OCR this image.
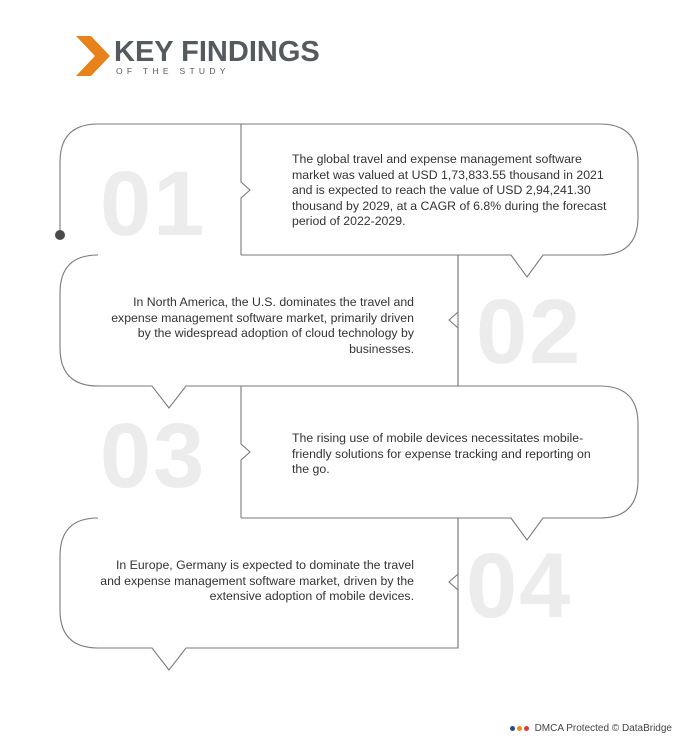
KEY FINDINGS
OF THE STUDY
01	The global travel and expense management software market was valued at USD 1,73,833.55 thousand in 2021 and is expected to reach the value of USD 2,94,241.30 thousand by 2029, at a CAGR of 6.8% during the forecast period of 2022-2029.
02
In North America, the U.S. dominates the travel and expense management software market, primarily driven by the widespread adoption of cloud technology by businesses.
03	The rising use of mobile devices necessitates mobile-friendly solutions for expense tracking and reporting on the go.
04
In Europe, Germany is expected to dominate the travel and expense management software market, driven by the extensive adoption of mobile devices.
DMCA Protected © DataBridge
